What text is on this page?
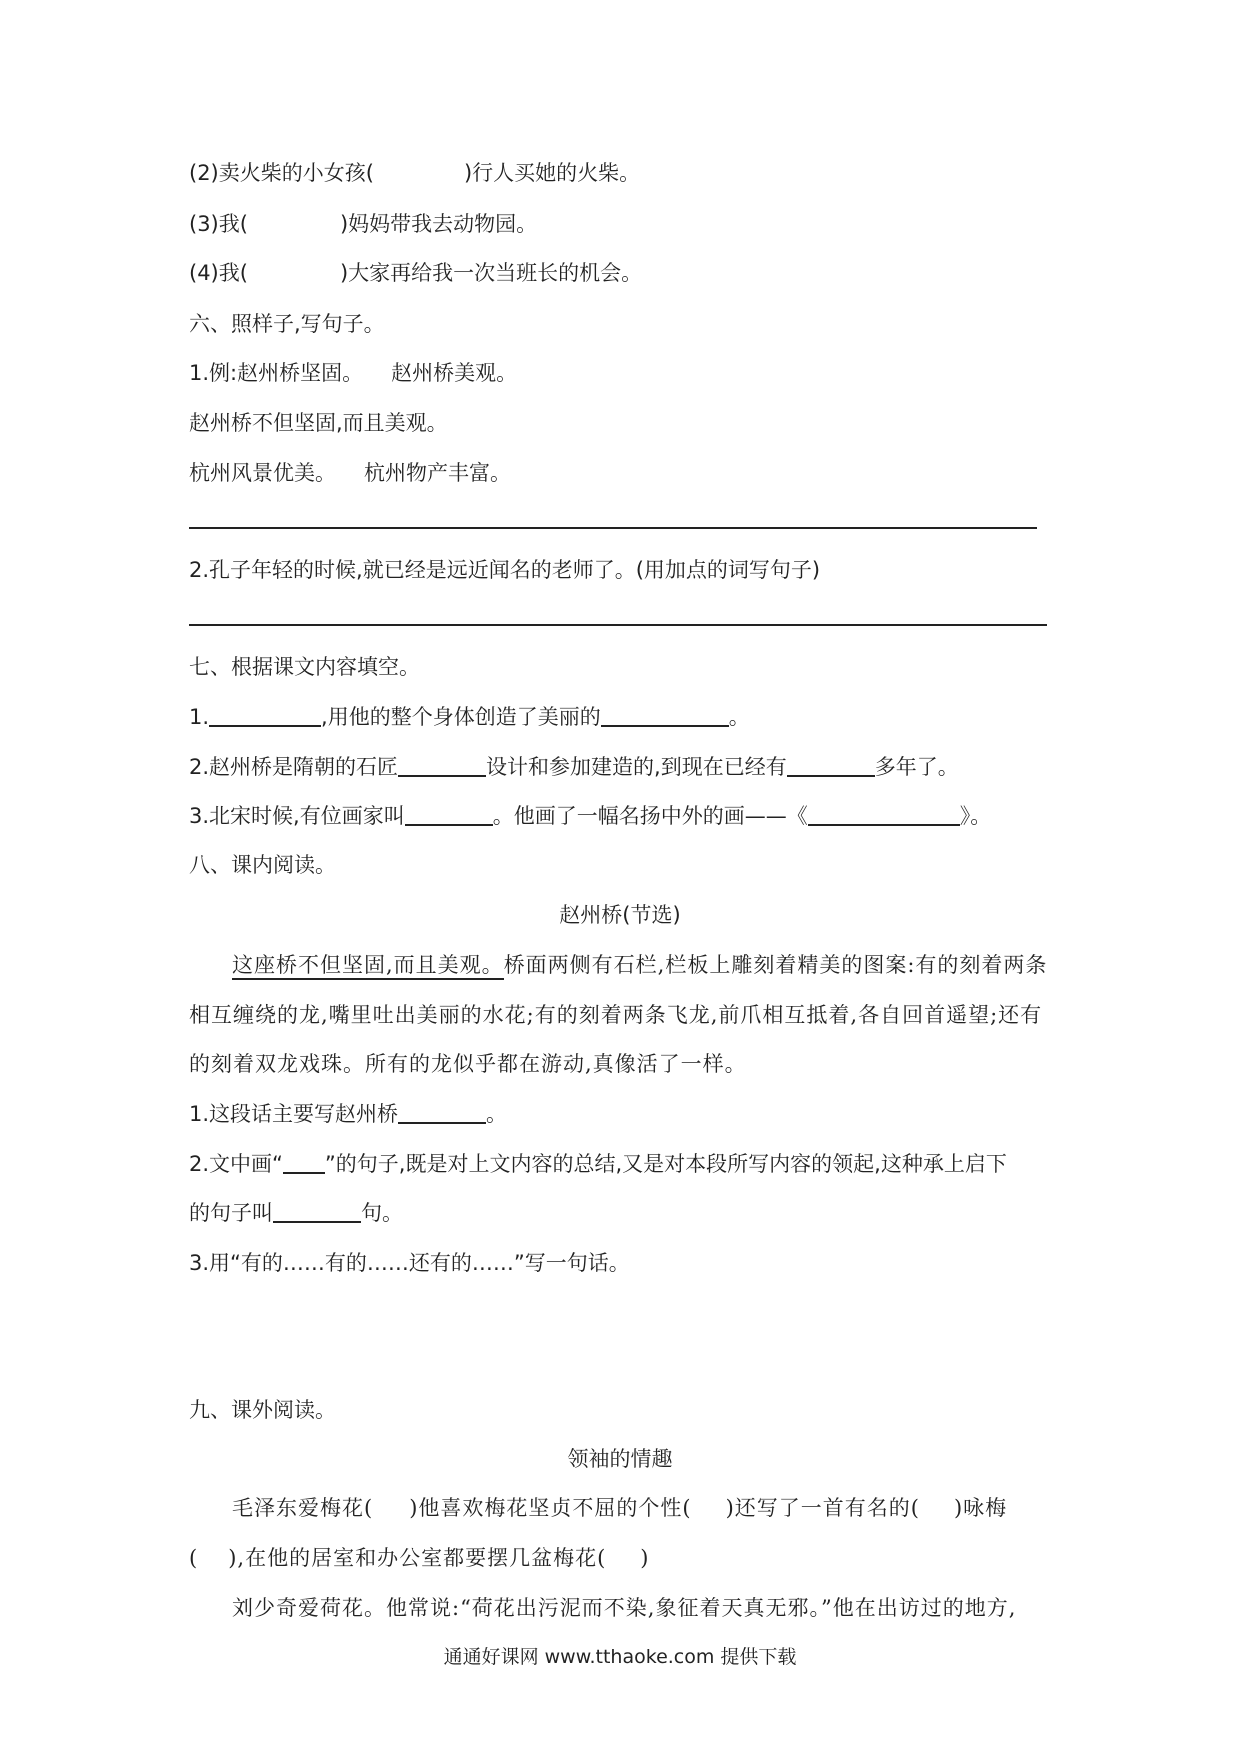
(2)卖火柴的小女孩(	)行人买她的火柴。
(3)我(	)妈妈带我去动物园。
(4)我(	)大家再给我一次当班长的机会。
六、照样子,写句子。
1.例:赵州桥坚固。 赵州桥美观。
赵州桥不但坚固,而且美观。
杭州风景优美。 杭州物产丰富。
2.孔子年轻的时候,就已经是远近闻名的老师了。(用加点的词写句子)
七、根据课文内容填空。
1.	,用他的整个身体创造了美丽的	。
2.赵州桥是隋朝的石匠	设计和参加建造的,到现在已经有	多年了。
3.北宋时候,有位画家叫	。他画了一幅名扬中外的画——《	》。
八、课内阅读。
赵州桥(节选)
这座桥不但坚固,而且美观。桥面两侧有石栏,栏板上雕刻着精美的图案:有的刻着两条
相互缠绕的龙,嘴里吐出美丽的水花;有的刻着两条飞龙,前爪相互抵着,各自回首遥望;还有
的刻着双龙戏珠。所有的龙似乎都在游动,真像活了一样。
1.这段话主要写赵州桥	。
2.文中画“ ”的句子,既是对上文内容的总结,又是对本段所写内容的领起,这种承上启下
的句子叫	句。
3.用“有的……有的……还有的……”写一句话。
九、课外阅读。
领袖的情趣
毛泽东爱梅花( )他喜欢梅花坚贞不屈的个性( )还写了一首有名的( )咏梅
( ),在他的居室和办公室都要摆几盆梅花( )
刘少奇爱荷花。他常说:“荷花出污泥而不染,象征着天真无邪。”他在出访过的地方,
通通好课网 www.tthaoke.com 提供下载
